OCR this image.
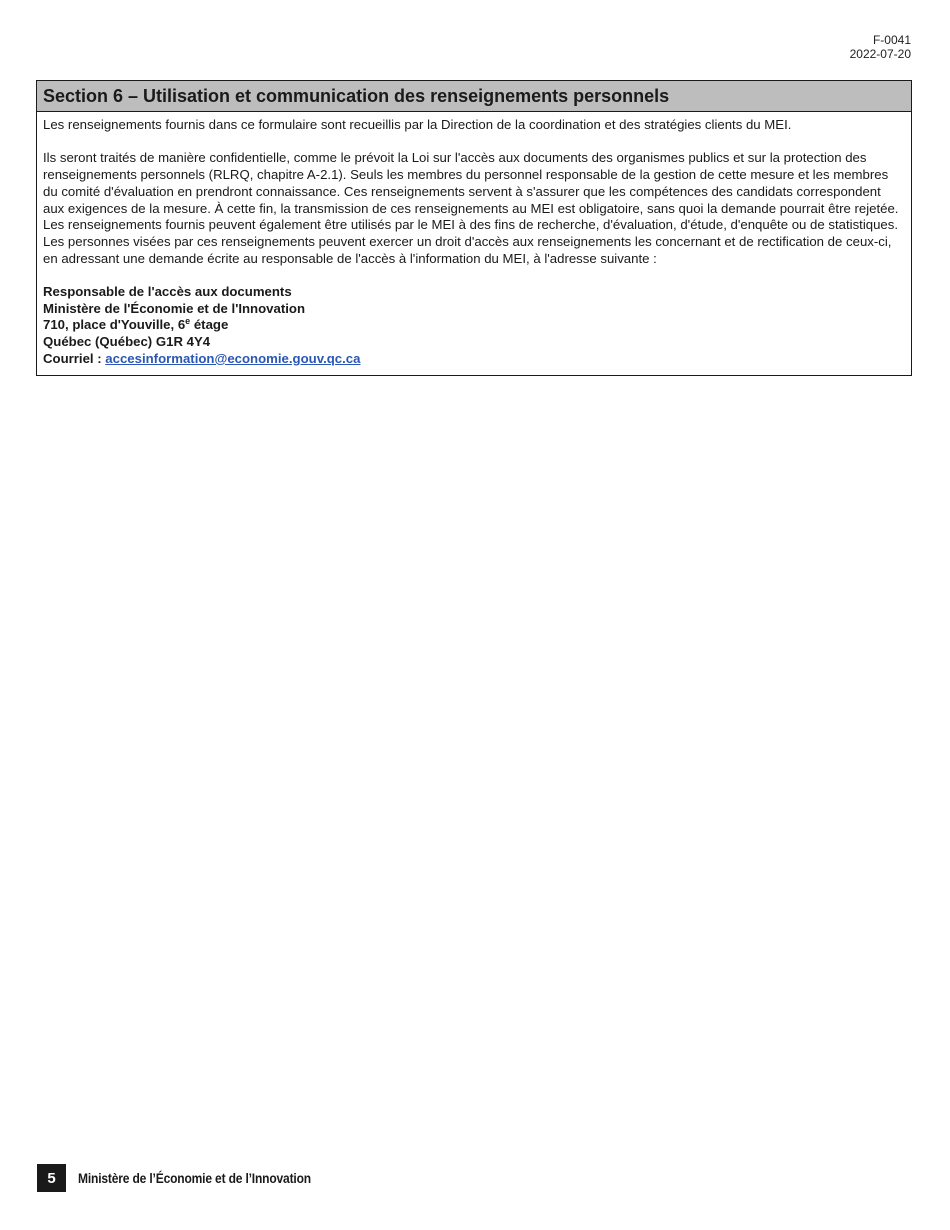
F-0041
2022-07-20
Section 6 – Utilisation et communication des renseignements personnels

Les renseignements fournis dans ce formulaire sont recueillis par la Direction de la coordination et des stratégies clients du MEI.

Ils seront traités de manière confidentielle, comme le prévoit la Loi sur l'accès aux documents des organismes publics et sur la protection des renseignements personnels (RLRQ, chapitre A-2.1). Seuls les membres du personnel responsable de la gestion de cette mesure et les membres du comité d'évaluation en prendront connaissance. Ces renseignements servent à s'assurer que les compétences des candidats correspondent aux exigences de la mesure. À cette fin, la transmission de ces renseignements au MEI est obligatoire, sans quoi la demande pourrait être rejetée. Les renseignements fournis peuvent également être utilisés par le MEI à des fins de recherche, d'évaluation, d'étude, d'enquête ou de statistiques. Les personnes visées par ces renseignements peuvent exercer un droit d'accès aux renseignements les concernant et de rectification de ceux-ci, en adressant une demande écrite au responsable de l'accès à l'information du MEI, à l'adresse suivante :

Responsable de l'accès aux documents
Ministère de l'Économie et de l'Innovation
710, place d'Youville, 6e étage
Québec (Québec) G1R 4Y4
Courriel : accesinformation@economie.gouv.qc.ca
5	Ministère de l’Économie et de l’Innovation
